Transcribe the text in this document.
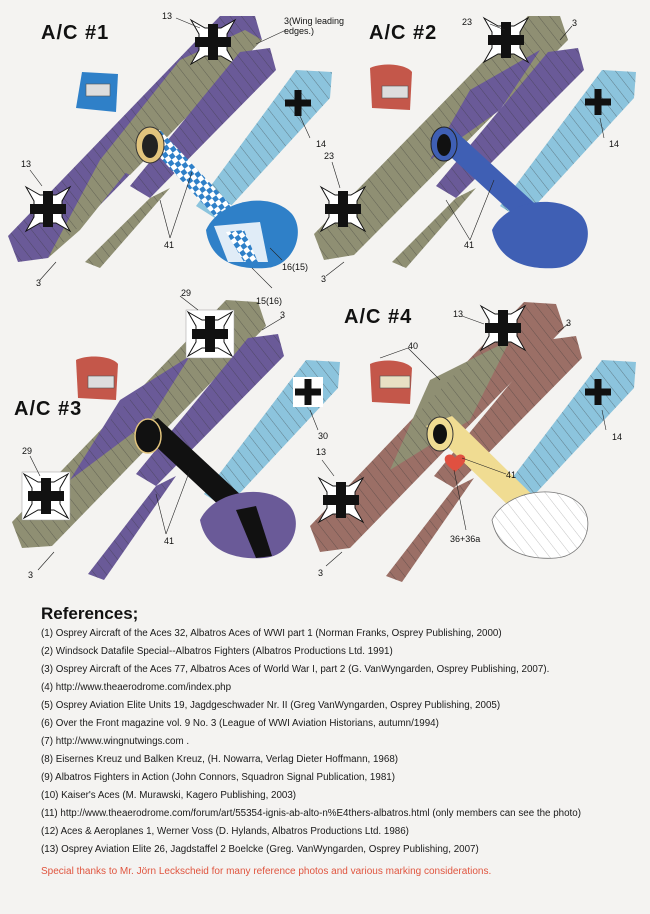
A/C #1	A/C #2
A/C #3
A/C #4
13	3(Wing leading edges.)
13
14
41
3
16(15)
15(16)
23	3
14
23
41
3
29
3
29
30
41
3
13
3
40
14
13
41
3
36+36a
References;
(1) Osprey Aircraft of the Aces 32, Albatros Aces of WWI part 1 (Norman Franks, Osprey Publishing, 2000)
(2) Windsock Datafile Special--Albatros Fighters (Albatros Productions Ltd. 1991)
(3) Osprey Aircraft of the Aces 77, Albatros Aces of World War I, part 2 (G. VanWyngarden, Osprey Publishing, 2007).
(4) http://www.theaerodrome.com/index.php
(5) Osprey Aviation Elite Units 19, Jagdgeschwader Nr. II (Greg VanWyngarden, Osprey Publishing, 2005)
(6) Over the Front magazine vol. 9 No. 3 (League of WWI Aviation Historians, autumn/1994)
(7) http://www.wingnutwings.com .
(8) Eisernes Kreuz und Balken Kreuz, (H. Nowarra, Verlag Dieter Hoffmann, 1968)
(9) Albatros Fighters in Action (John Connors, Squadron Signal Publication, 1981)
(10) Kaiser's Aces (M. Murawski, Kagero Publishing, 2003)
(11) http://www.theaerodrome.com/forum/art/55354-ignis-ab-alto-n%E4thers-albatros.html (only members can see the photo)
(12) Aces & Aeroplanes 1, Werner Voss (D. Hylands, Albatros Productions Ltd. 1986)
(13) Osprey Aviation Elite 26, Jagdstaffel 2 Boelcke (Greg. VanWyngarden, Osprey Publishing, 2007)
Special thanks to Mr. Jörn Leckscheid for many reference photos and various marking considerations.
